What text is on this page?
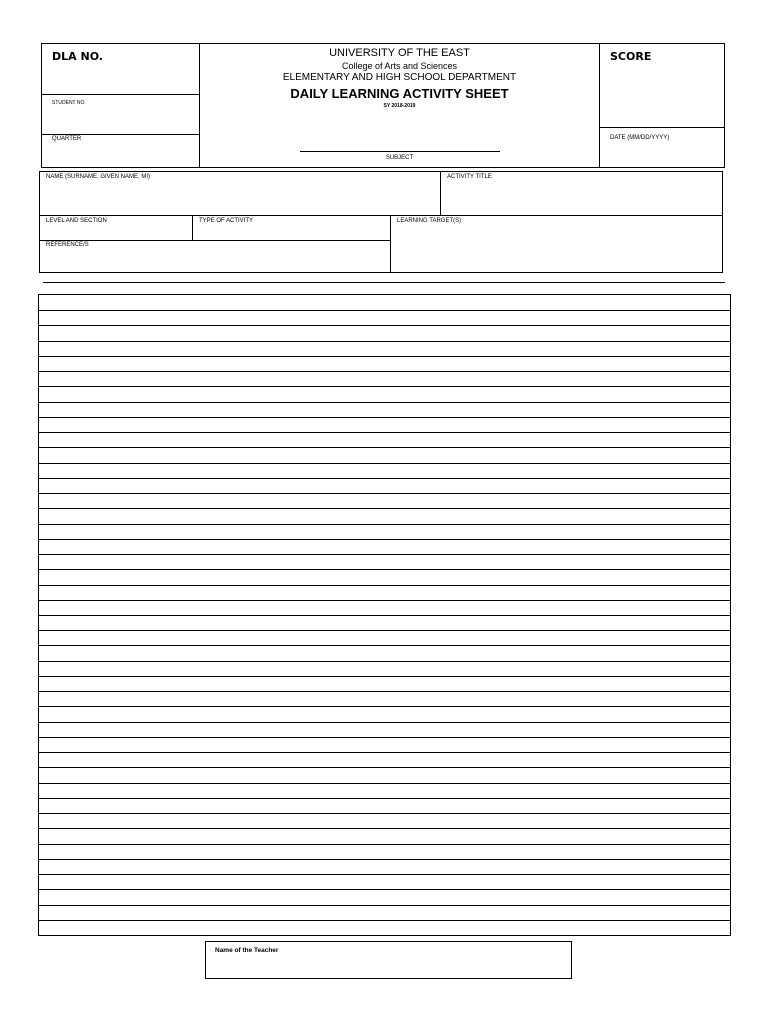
DLA NO.
STUDENT NO.
QUARTER
UNIVERSITY OF THE EAST
College of Arts and Sciences
ELEMENTARY AND HIGH SCHOOL DEPARTMENT
DAILY LEARNING ACTIVITY SHEET
SY 2018-2019
SUBJECT
SCORE
DATE (MM/DD/YYYY)
NAME (SURNAME, GIVEN NAME, MI)	ACTIVITY TITLE
LEVEL AND SECTION	TYPE OF ACTIVITY	LEARNING TARGET(S)
REFERENCE/S
Name of the Teacher
